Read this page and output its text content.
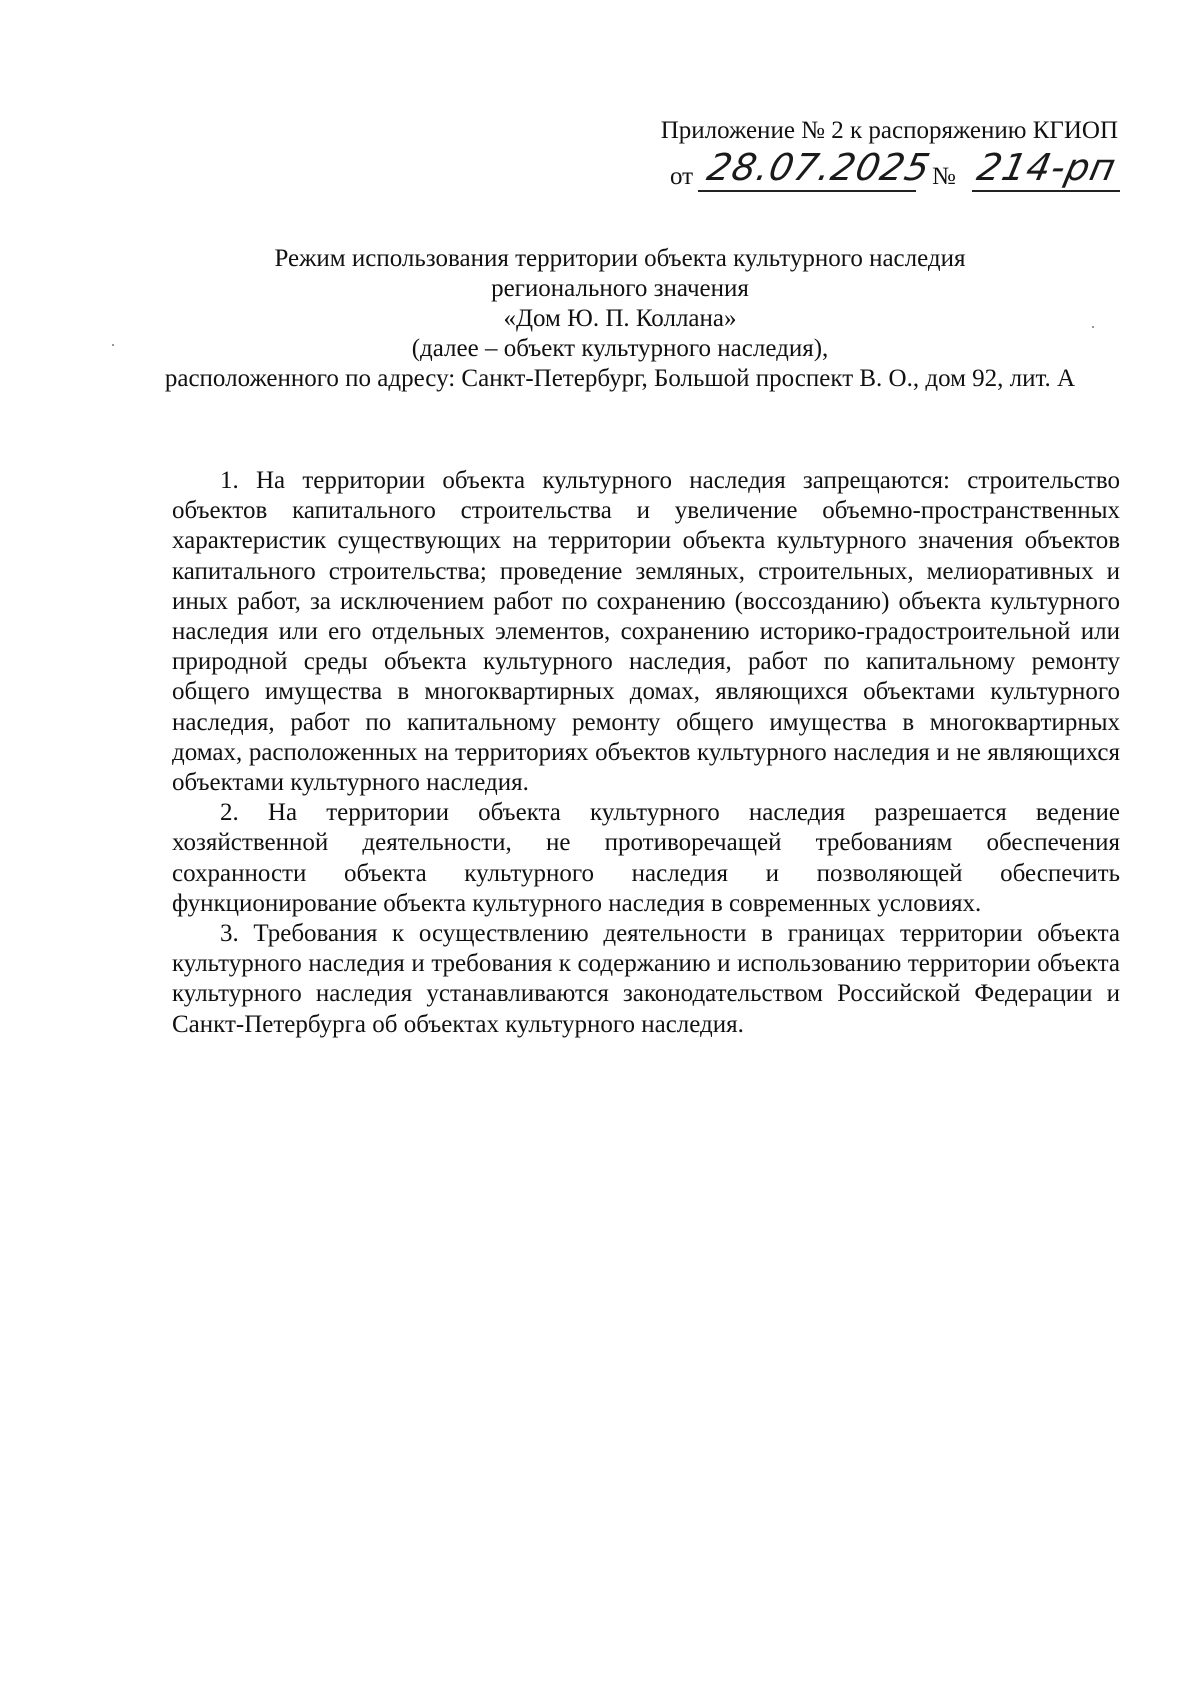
Приложение № 2 к распоряжению КГИОП
от 28.07.2025
№ 214-рп
Режим использования территории объекта культурного наследия
регионального значения
«Дом Ю. П. Коллана»
(далее – объект культурного наследия),
расположенного по адресу: Санкт-Петербург, Большой проспект В. О., дом 92, лит. А

1. На территории объекта культурного наследия запрещаются: строительство объектов капитального строительства и увеличение объемно-пространственных характеристик существующих на территории объекта культурного значения объектов капитального строительства; проведение земляных, строительных, мелиоративных и иных работ, за исключением работ по сохранению (воссозданию) объекта культурного наследия или его отдельных элементов, сохранению историко-градостроительной или природной среды объекта культурного наследия, работ по капитальному ремонту общего имущества в многоквартирных домах, являющихся объектами культурного наследия, работ по капитальному ремонту общего имущества в многоквартирных домах, расположенных на территориях объектов культурного наследия и не являющихся объектами культурного наследия.

2. На территории объекта культурного наследия разрешается ведение хозяйственной деятельности, не противоречащей требованиям обеспечения сохранности объекта культурного наследия и позволяющей обеспечить функционирование объекта культурного наследия в современных условиях.

3. Требования к осуществлению деятельности в границах территории объекта культурного наследия и требования к содержанию и использованию территории объекта культурного наследия устанавливаются законодательством Российской Федерации и Санкт-Петербурга об объектах культурного наследия.
